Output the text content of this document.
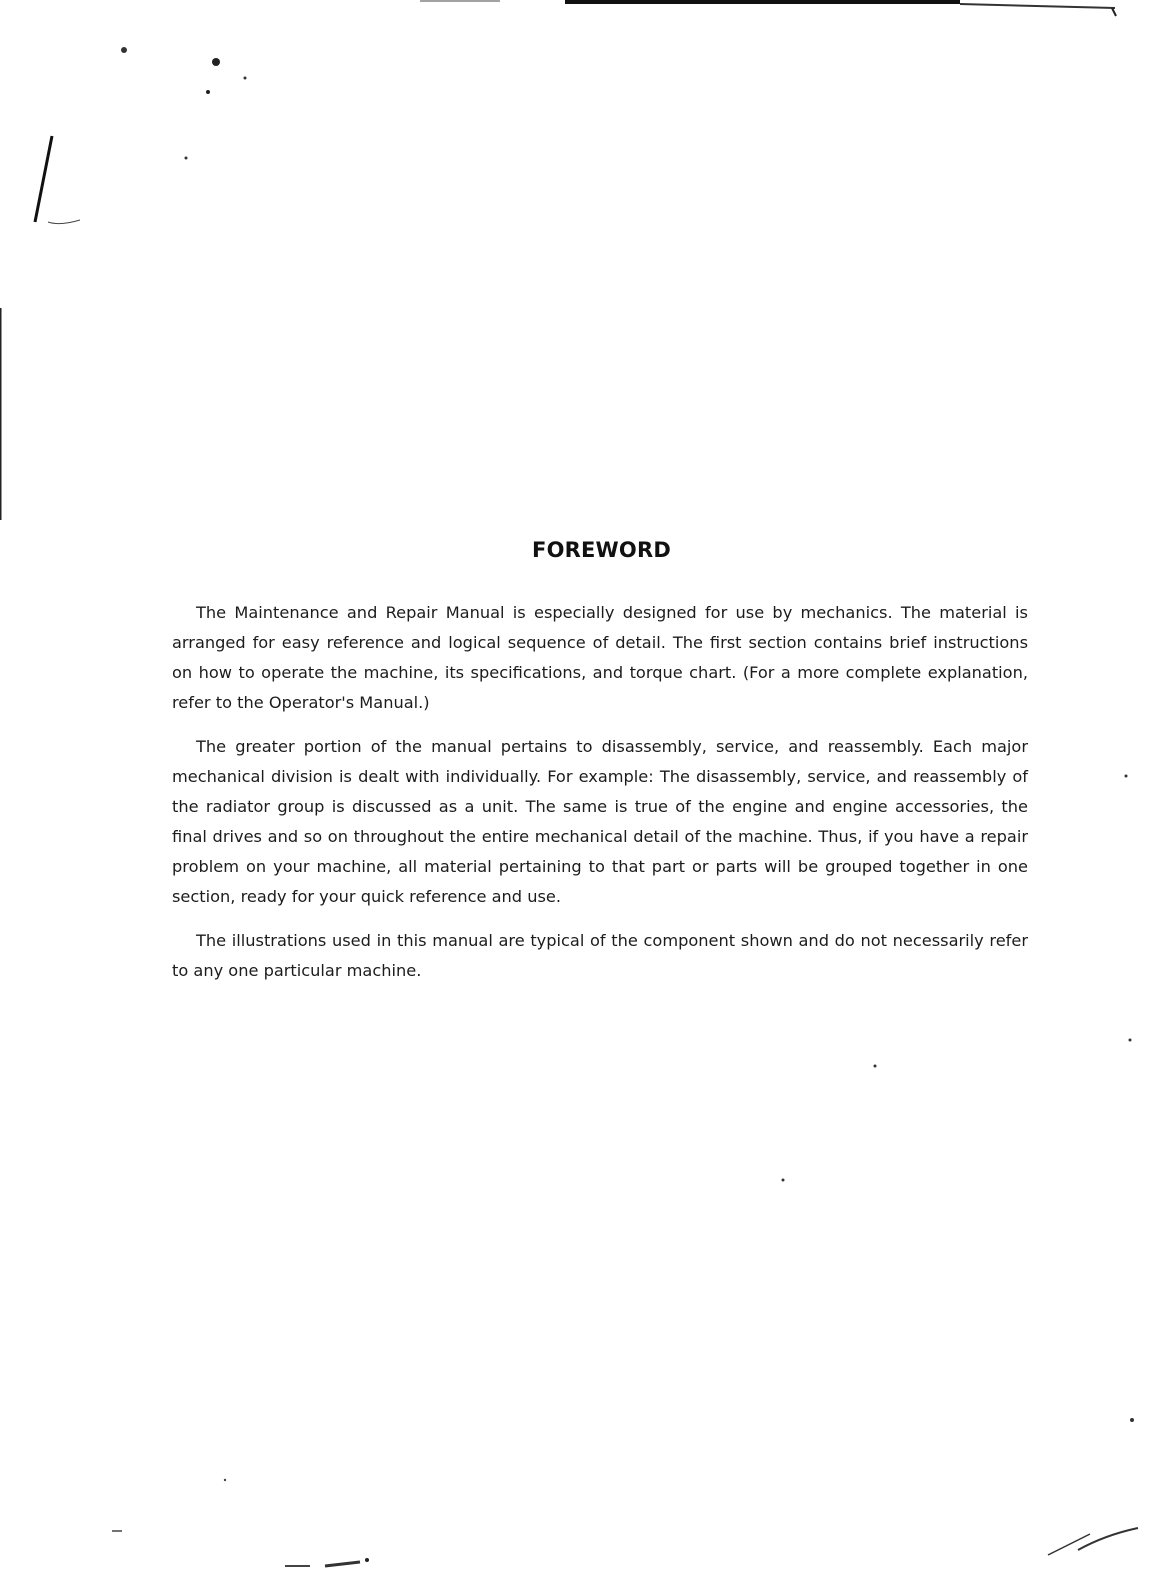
FOREWORD

The Maintenance and Repair Manual is especially designed for use by mechanics. The material is arranged for easy reference and logical sequence of detail. The first section contains brief instructions on how to operate the machine, its specifications, and torque chart. (For a more complete explanation, refer to the Operator's Manual.)

The greater portion of the manual pertains to disassembly, service, and reassembly. Each major mechanical division is dealt with individually. For example: The disassembly, service, and reassembly of the radiator group is discussed as a unit. The same is true of the engine and engine accessories, the final drives and so on throughout the entire mechanical detail of the machine. Thus, if you have a repair problem on your machine, all material pertaining to that part or parts will be grouped together in one section, ready for your quick reference and use.

The illustrations used in this manual are typical of the component shown and do not necessarily refer to any one particular machine.
